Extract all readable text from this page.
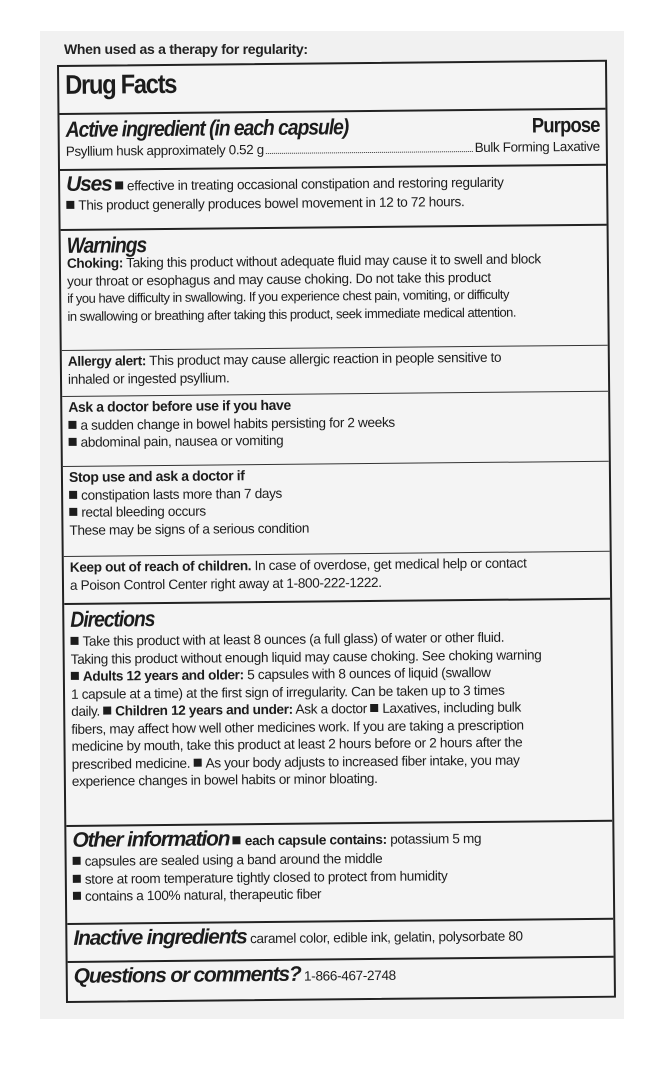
When used as a therapy for regularity:
Drug Facts
Active ingredient (in each capsule)	Purpose
Psyllium husk approximately 0.52 g	Bulk Forming Laxative
Uses effective in treating occasional constipation and restoring regularity
This product generally produces bowel movement in 12 to 72 hours.
Warnings
Choking: Taking this product without adequate fluid may cause it to swell and block
your throat or esophagus and may cause choking. Do not take this product
if you have difficulty in swallowing. If you experience chest pain, vomiting, or difficulty
in swallowing or breathing after taking this product, seek immediate medical attention.
Allergy alert: This product may cause allergic reaction in people sensitive to
inhaled or ingested psyllium.
Ask a doctor before use if you have
a sudden change in bowel habits persisting for 2 weeks
abdominal pain, nausea or vomiting
Stop use and ask a doctor if
constipation lasts more than 7 days
rectal bleeding occurs
These may be signs of a serious condition
Keep out of reach of children. In case of overdose, get medical help or contact
a Poison Control Center right away at 1-800-222-1222.
Directions
Take this product with at least 8 ounces (a full glass) of water or other fluid.
Taking this product without enough liquid may cause choking. See choking warning
Adults 12 years and older: 5 capsules with 8 ounces of liquid (swallow
1 capsule at a time) at the first sign of irregularity. Can be taken up to 3 times
daily. Children 12 years and under: Ask a doctor Laxatives, including bulk
fibers, may affect how well other medicines work. If you are taking a prescription
medicine by mouth, take this product at least 2 hours before or 2 hours after the
prescribed medicine. As your body adjusts to increased fiber intake, you may
experience changes in bowel habits or minor bloating.
Other information each capsule contains: potassium 5 mg
capsules are sealed using a band around the middle
store at room temperature tightly closed to protect from humidity
contains a 100% natural, therapeutic fiber
Inactive ingredients caramel color, edible ink, gelatin, polysorbate 80
Questions or comments? 1-866-467-2748
